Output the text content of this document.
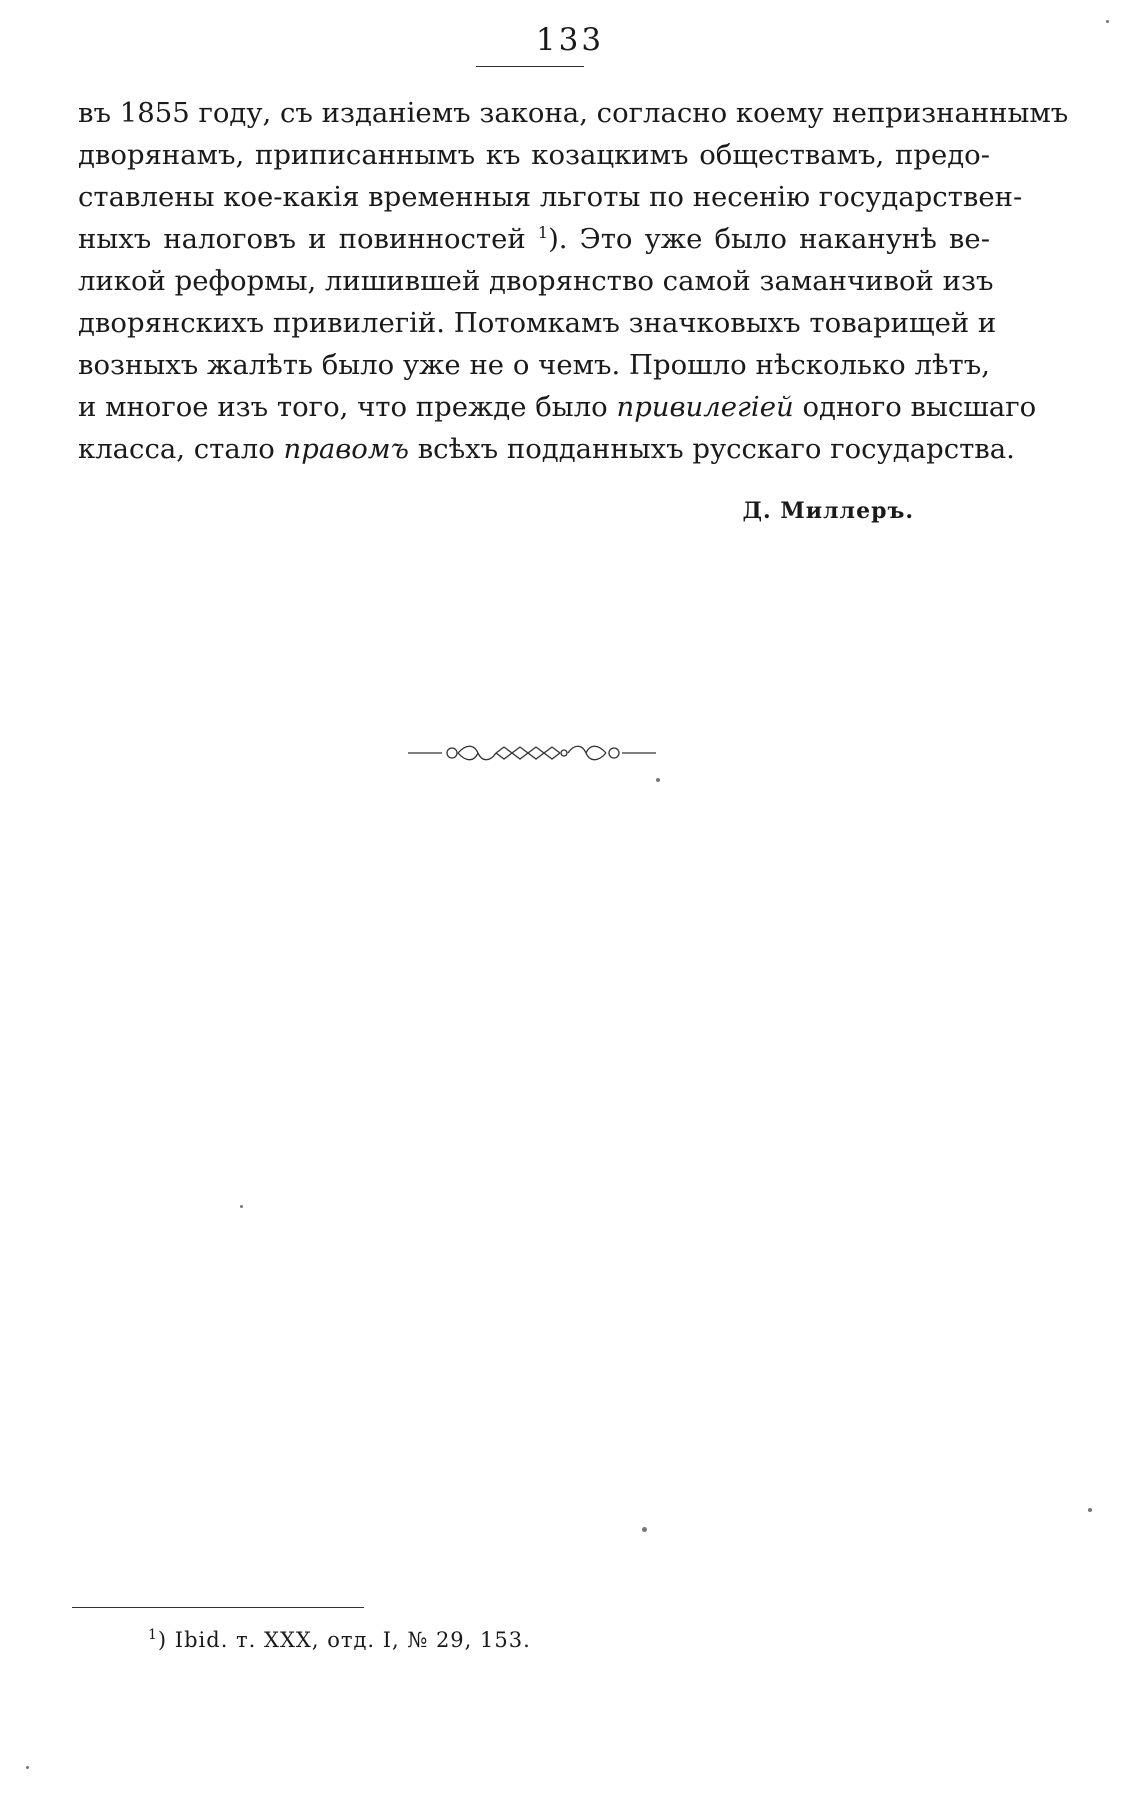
133
въ 1855 году, съ изданіемъ закона, согласно коему непризнаннымъ
дворянамъ, приписаннымъ къ козацкимъ обществамъ, предо-
ставлены кое-какія временныя льготы по несенію государствен-
ныхъ налоговъ и повинностей $^1$). Это уже было наканунѣ ве-
ликой реформы, лишившей дворянство самой заманчивой изъ
дворянскихъ привилегій. Потомкамъ значковыхъ товарищей и
возныхъ жалѣть было уже не о чемъ. Прошло нѣсколько лѣтъ,
и многое изъ того, что прежде было привилегіей одного высшаго
класса, стало правомъ всѣхъ подданныхъ русскаго государства.
Д. Миллеръ.
$^1$) Ibid. т. XXX, отд. I, № 29, 153.
